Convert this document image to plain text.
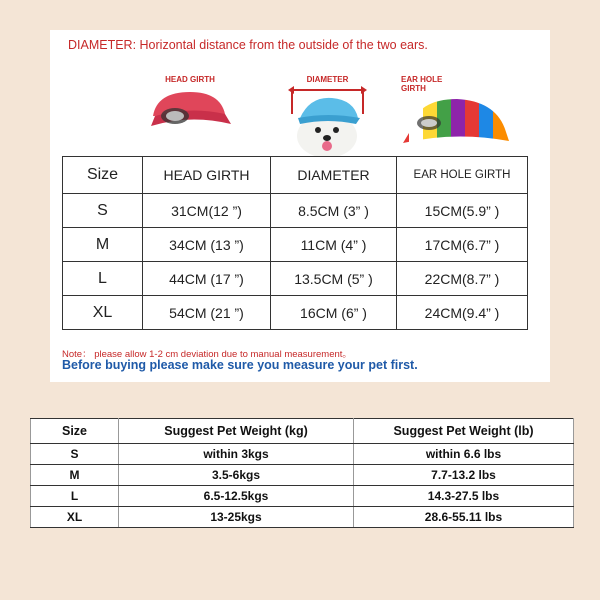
DIAMETER: Horizontal distance from the outside of the two ears.
HEAD GIRTH	DIAMETER	EAR HOLE
GIRTH
Size	HEAD GIRTH	DIAMETER	EAR HOLE GIRTH
S	31CM(12 ”)	8.5CM (3” )	15CM(5.9” )
M	34CM (13 ”)	11CM (4” )	17CM(6.7” )
L	44CM (17 ”)	13.5CM (5” )	22CM(8.7” )
XL	54CM (21 ”)	16CM (6” )	24CM(9.4” )
Note： please allow 1-2 cm deviation due to manual measurement。
Before buying please make sure you measure your pet first.
Size	Suggest Pet Weight (kg)	Suggest Pet Weight (lb)
S	within 3kgs	within 6.6 lbs
M	3.5-6kgs	7.7-13.2 lbs
L	6.5-12.5kgs	14.3-27.5 lbs
XL	13-25kgs	28.6-55.11 lbs
